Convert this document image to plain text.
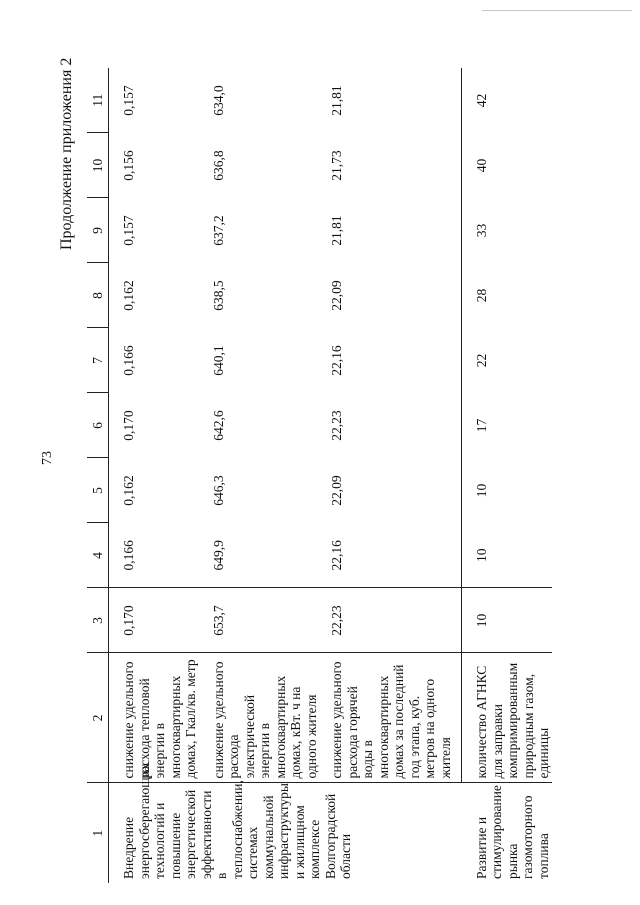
73
Продолжение приложения 2
1	2	3	4	5	6	7	8	9	10	11
Внедрение энергосберегающих технологий и повышение энергетической эффективности в теплоснабжении, системах коммунальной инфраструктуры и жилищном комплексе Волгоградской области	снижение удельного расхода тепловой энергии в многоквартирных домах, Гкал/кв. метр	0,170	0,166	0,162	0,170	0,166	0,162	0,157	0,156	0,157
	снижение удельного расхода электрической энергии в многоквартирных домах, кВт. ч на одного жителя	653,7	649,9	646,3	642,6	640,1	638,5	637,2	636,8	634,0
	снижение удельного расхода горячей воды в многоквартирных домах за последний год этапа, куб. метров на одного жителя	22,23	22,16	22,09	22,23	22,16	22,09	21,81	21,73	21,81
Развитие и стимулирование рынка газомоторного топлива	количество АГНКС для заправки компримированным природным газом, единицы	10	10	10	17	22	28	33	40	42
